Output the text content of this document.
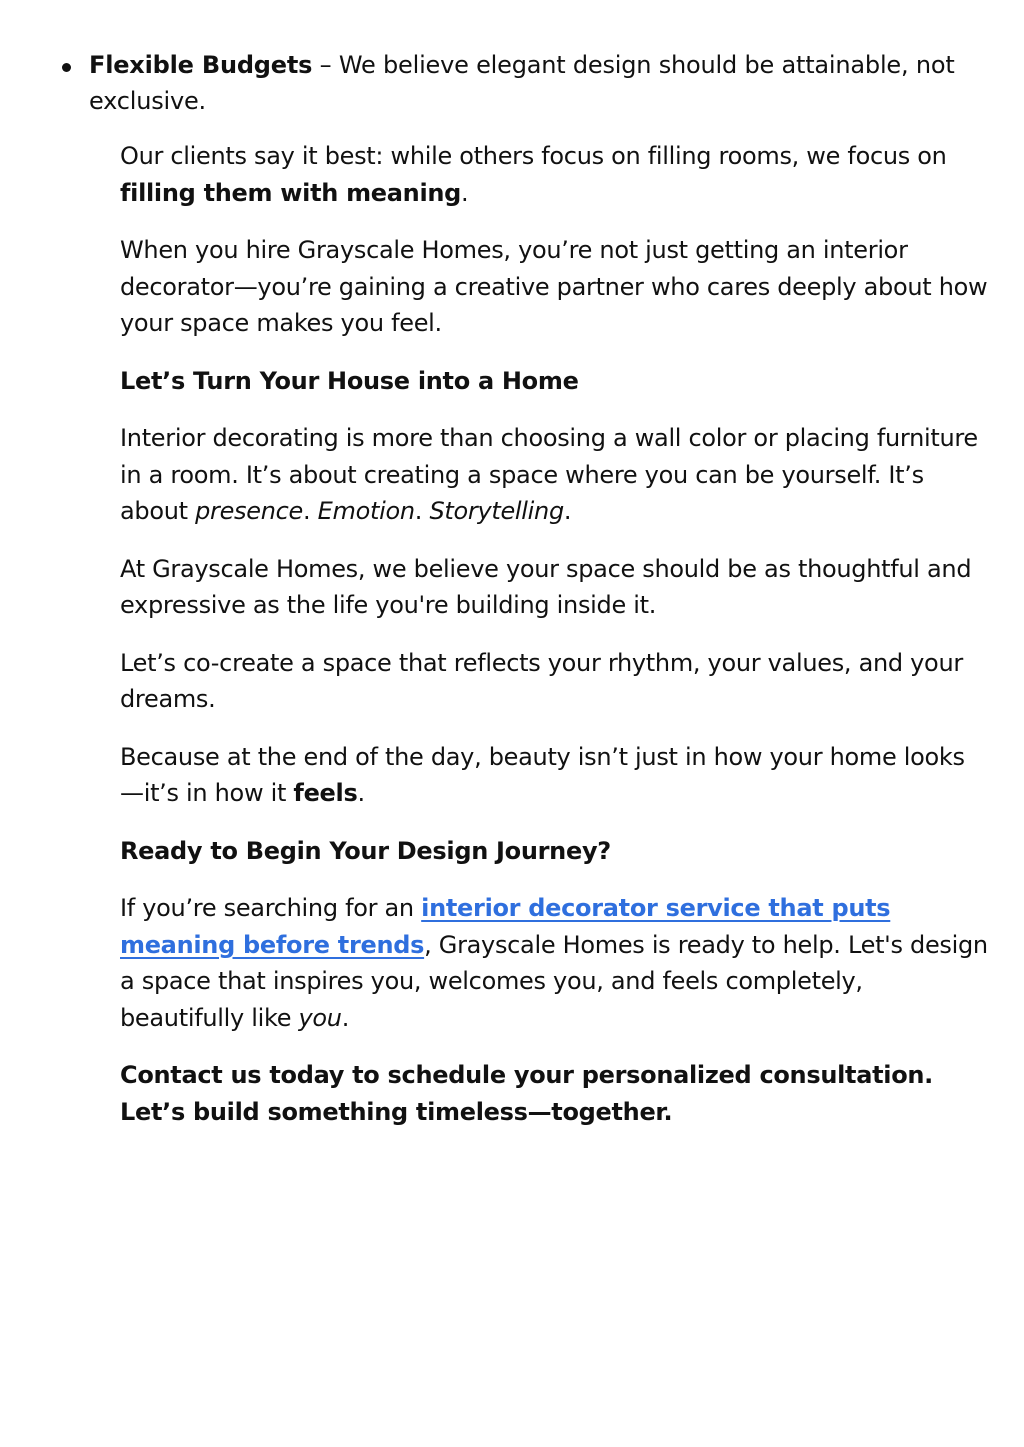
Flexible Budgets – We believe elegant design should be attainable, not exclusive.

Our clients say it best: while others focus on filling rooms, we focus on filling them with meaning.

When you hire Grayscale Homes, you’re not just getting an interior decorator—you’re gaining a creative partner who cares deeply about how your space makes you feel.

Let’s Turn Your House into a Home

Interior decorating is more than choosing a wall color or placing furniture in a room. It’s about creating a space where you can be yourself. It’s about presence. Emotion. Storytelling.

At Grayscale Homes, we believe your space should be as thoughtful and expressive as the life you're building inside it.

Let’s co-create a space that reflects your rhythm, your values, and your dreams.

Because at the end of the day, beauty isn’t just in how your home looks —it’s in how it feels.

Ready to Begin Your Design Journey?

If you’re searching for an interior decorator service that puts meaning before trends, Grayscale Homes is ready to help. Let's design a space that inspires you, welcomes you, and feels completely, beautifully like you.

Contact us today to schedule your personalized consultation. Let’s build something timeless—together.
